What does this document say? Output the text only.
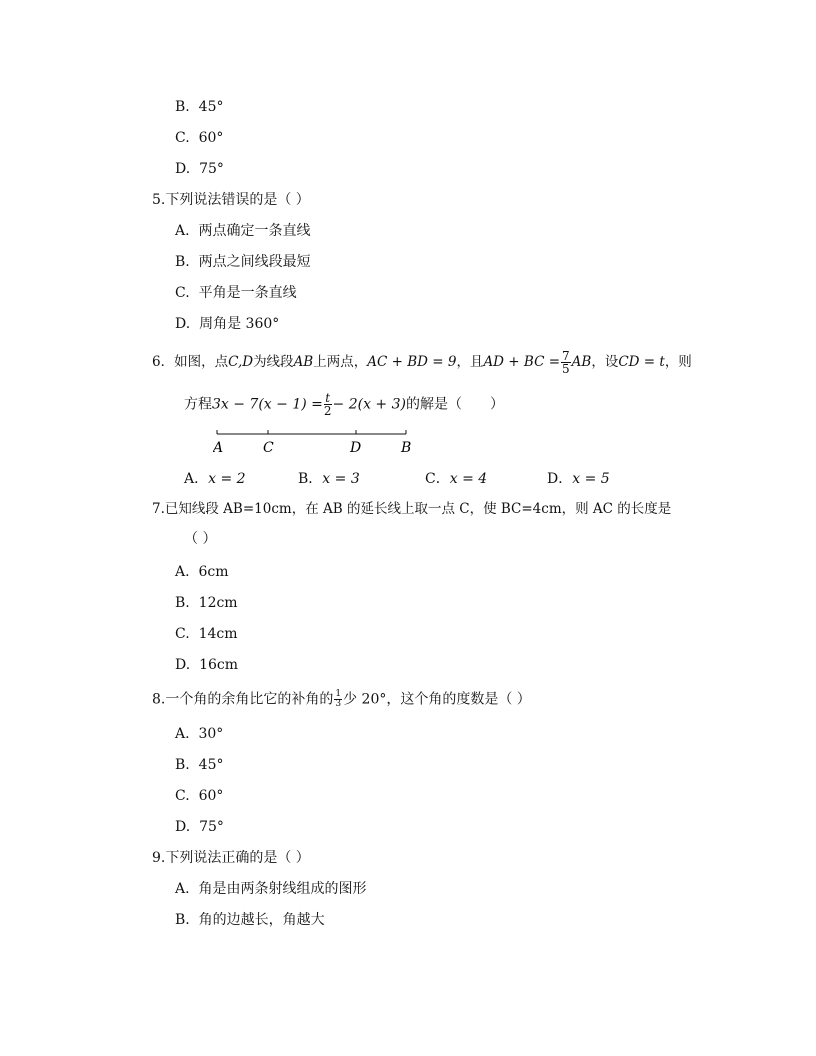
B. 45°
C. 60°
D. 75°
5.下列说法错误的是（ ）
A. 两点确定一条直线
B. 两点之间线段最短
C. 平角是一条直线
D. 周角是 360°
6．如图，点C,D为线段AB上两点，AC + BD = 9，且AD + BC = $\frac{7}{5}$ AB，设CD = t，则
方程$3x - 7(x - 1) = \frac{t}{2} - 2(x + 3)$的解是（　　）
A	C	D	B
A．x = 2	B．x = 3	C．x = 4	D．x = 5
7.已知线段 AB=10cm，在 AB 的延长线上取一点 C，使 BC=4cm，则 AC 的长度是
（ ）
A. 6cm
B. 12cm
C. 14cm
D. 16cm
8.一个角的余角比它的补角的 $\frac{1}{3}$ 少 20°，这个角的度数是（ ）
A. 30°
B. 45°
C. 60°
D. 75°
9.下列说法正确的是（ ）
A. 角是由两条射线组成的图形
B. 角的边越长，角越大
